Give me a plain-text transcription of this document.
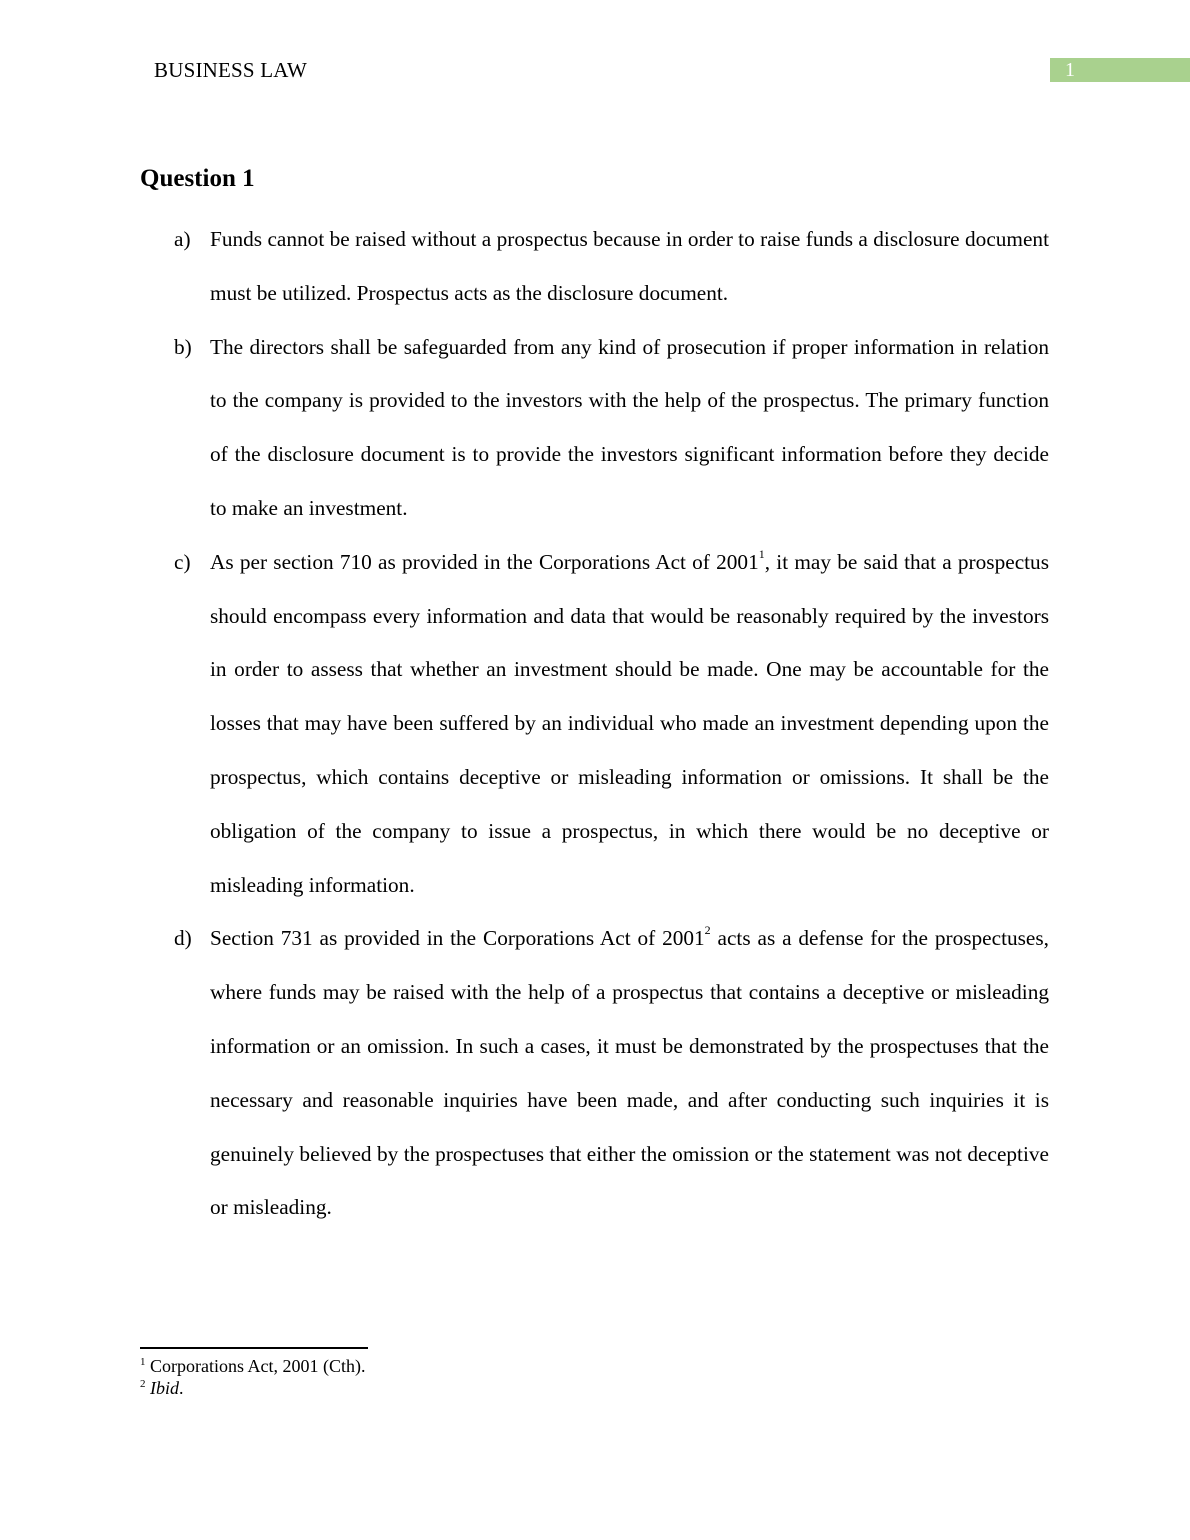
BUSINESS LAW	1
Question 1
a) Funds cannot be raised without a prospectus because in order to raise funds a disclosure document must be utilized. Prospectus acts as the disclosure document.
b) The directors shall be safeguarded from any kind of prosecution if proper information in relation to the company is provided to the investors with the help of the prospectus. The primary function of the disclosure document is to provide the investors significant information before they decide to make an investment.
c) As per section 710 as provided in the Corporations Act of 2001$^1$, it may be said that a prospectus should encompass every information and data that would be reasonably required by the investors in order to assess that whether an investment should be made. One may be accountable for the losses that may have been suffered by an individual who made an investment depending upon the prospectus, which contains deceptive or misleading information or omissions. It shall be the obligation of the company to issue a prospectus, in which there would be no deceptive or misleading information.
d) Section 731 as provided in the Corporations Act of 2001$^2$ acts as a defense for the prospectuses, where funds may be raised with the help of a prospectus that contains a deceptive or misleading information or an omission. In such a cases, it must be demonstrated by the prospectuses that the necessary and reasonable inquiries have been made, and after conducting such inquiries it is genuinely believed by the prospectuses that either the omission or the statement was not deceptive or misleading.
$^1$ Corporations Act, 2001 (Cth).
$^2$ Ibid.
